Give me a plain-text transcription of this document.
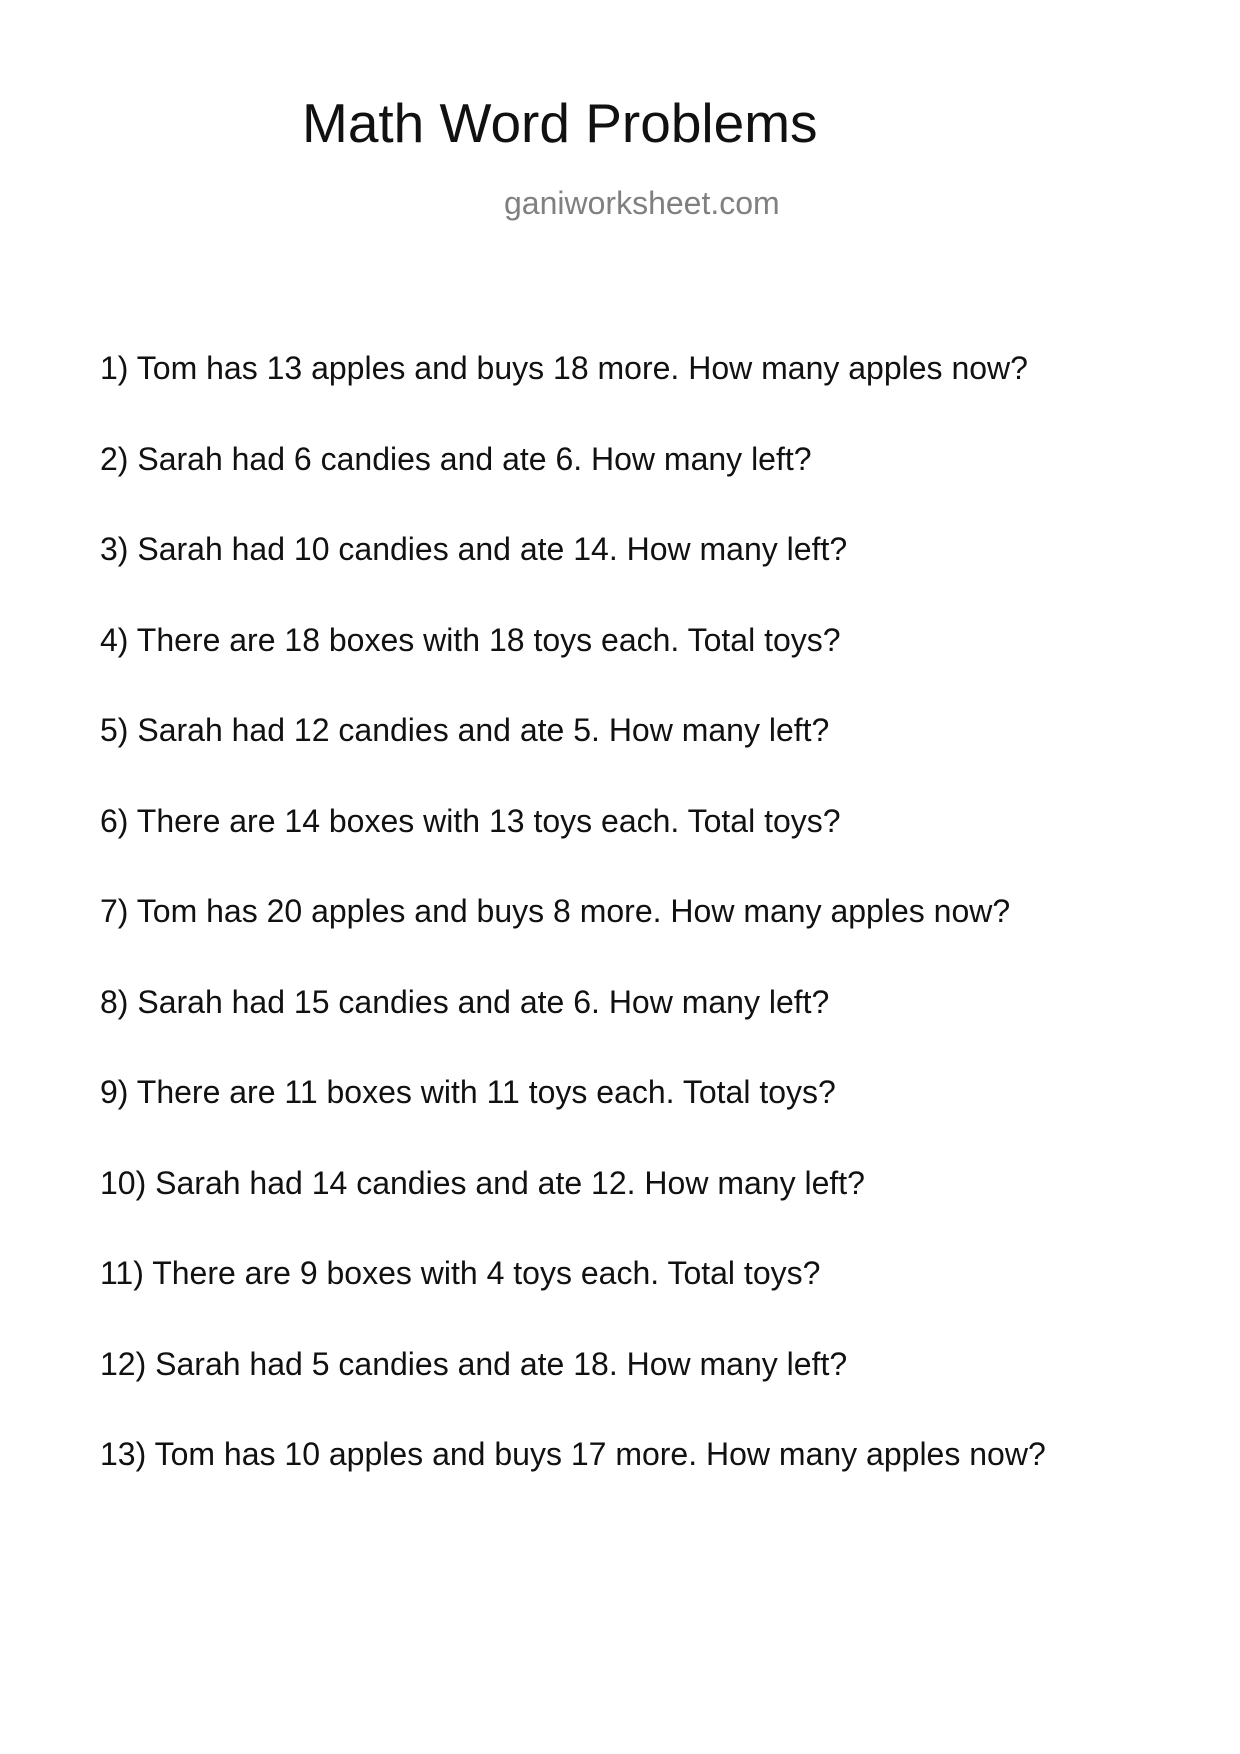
Math Word Problems
ganiworksheet.com
1) Tom has 13 apples and buys 18 more. How many apples now?
2) Sarah had 6 candies and ate 6. How many left?
3) Sarah had 10 candies and ate 14. How many left?
4) There are 18 boxes with 18 toys each. Total toys?
5) Sarah had 12 candies and ate 5. How many left?
6) There are 14 boxes with 13 toys each. Total toys?
7) Tom has 20 apples and buys 8 more. How many apples now?
8) Sarah had 15 candies and ate 6. How many left?
9) There are 11 boxes with 11 toys each. Total toys?
10) Sarah had 14 candies and ate 12. How many left?
11) There are 9 boxes with 4 toys each. Total toys?
12) Sarah had 5 candies and ate 18. How many left?
13) Tom has 10 apples and buys 17 more. How many apples now?
